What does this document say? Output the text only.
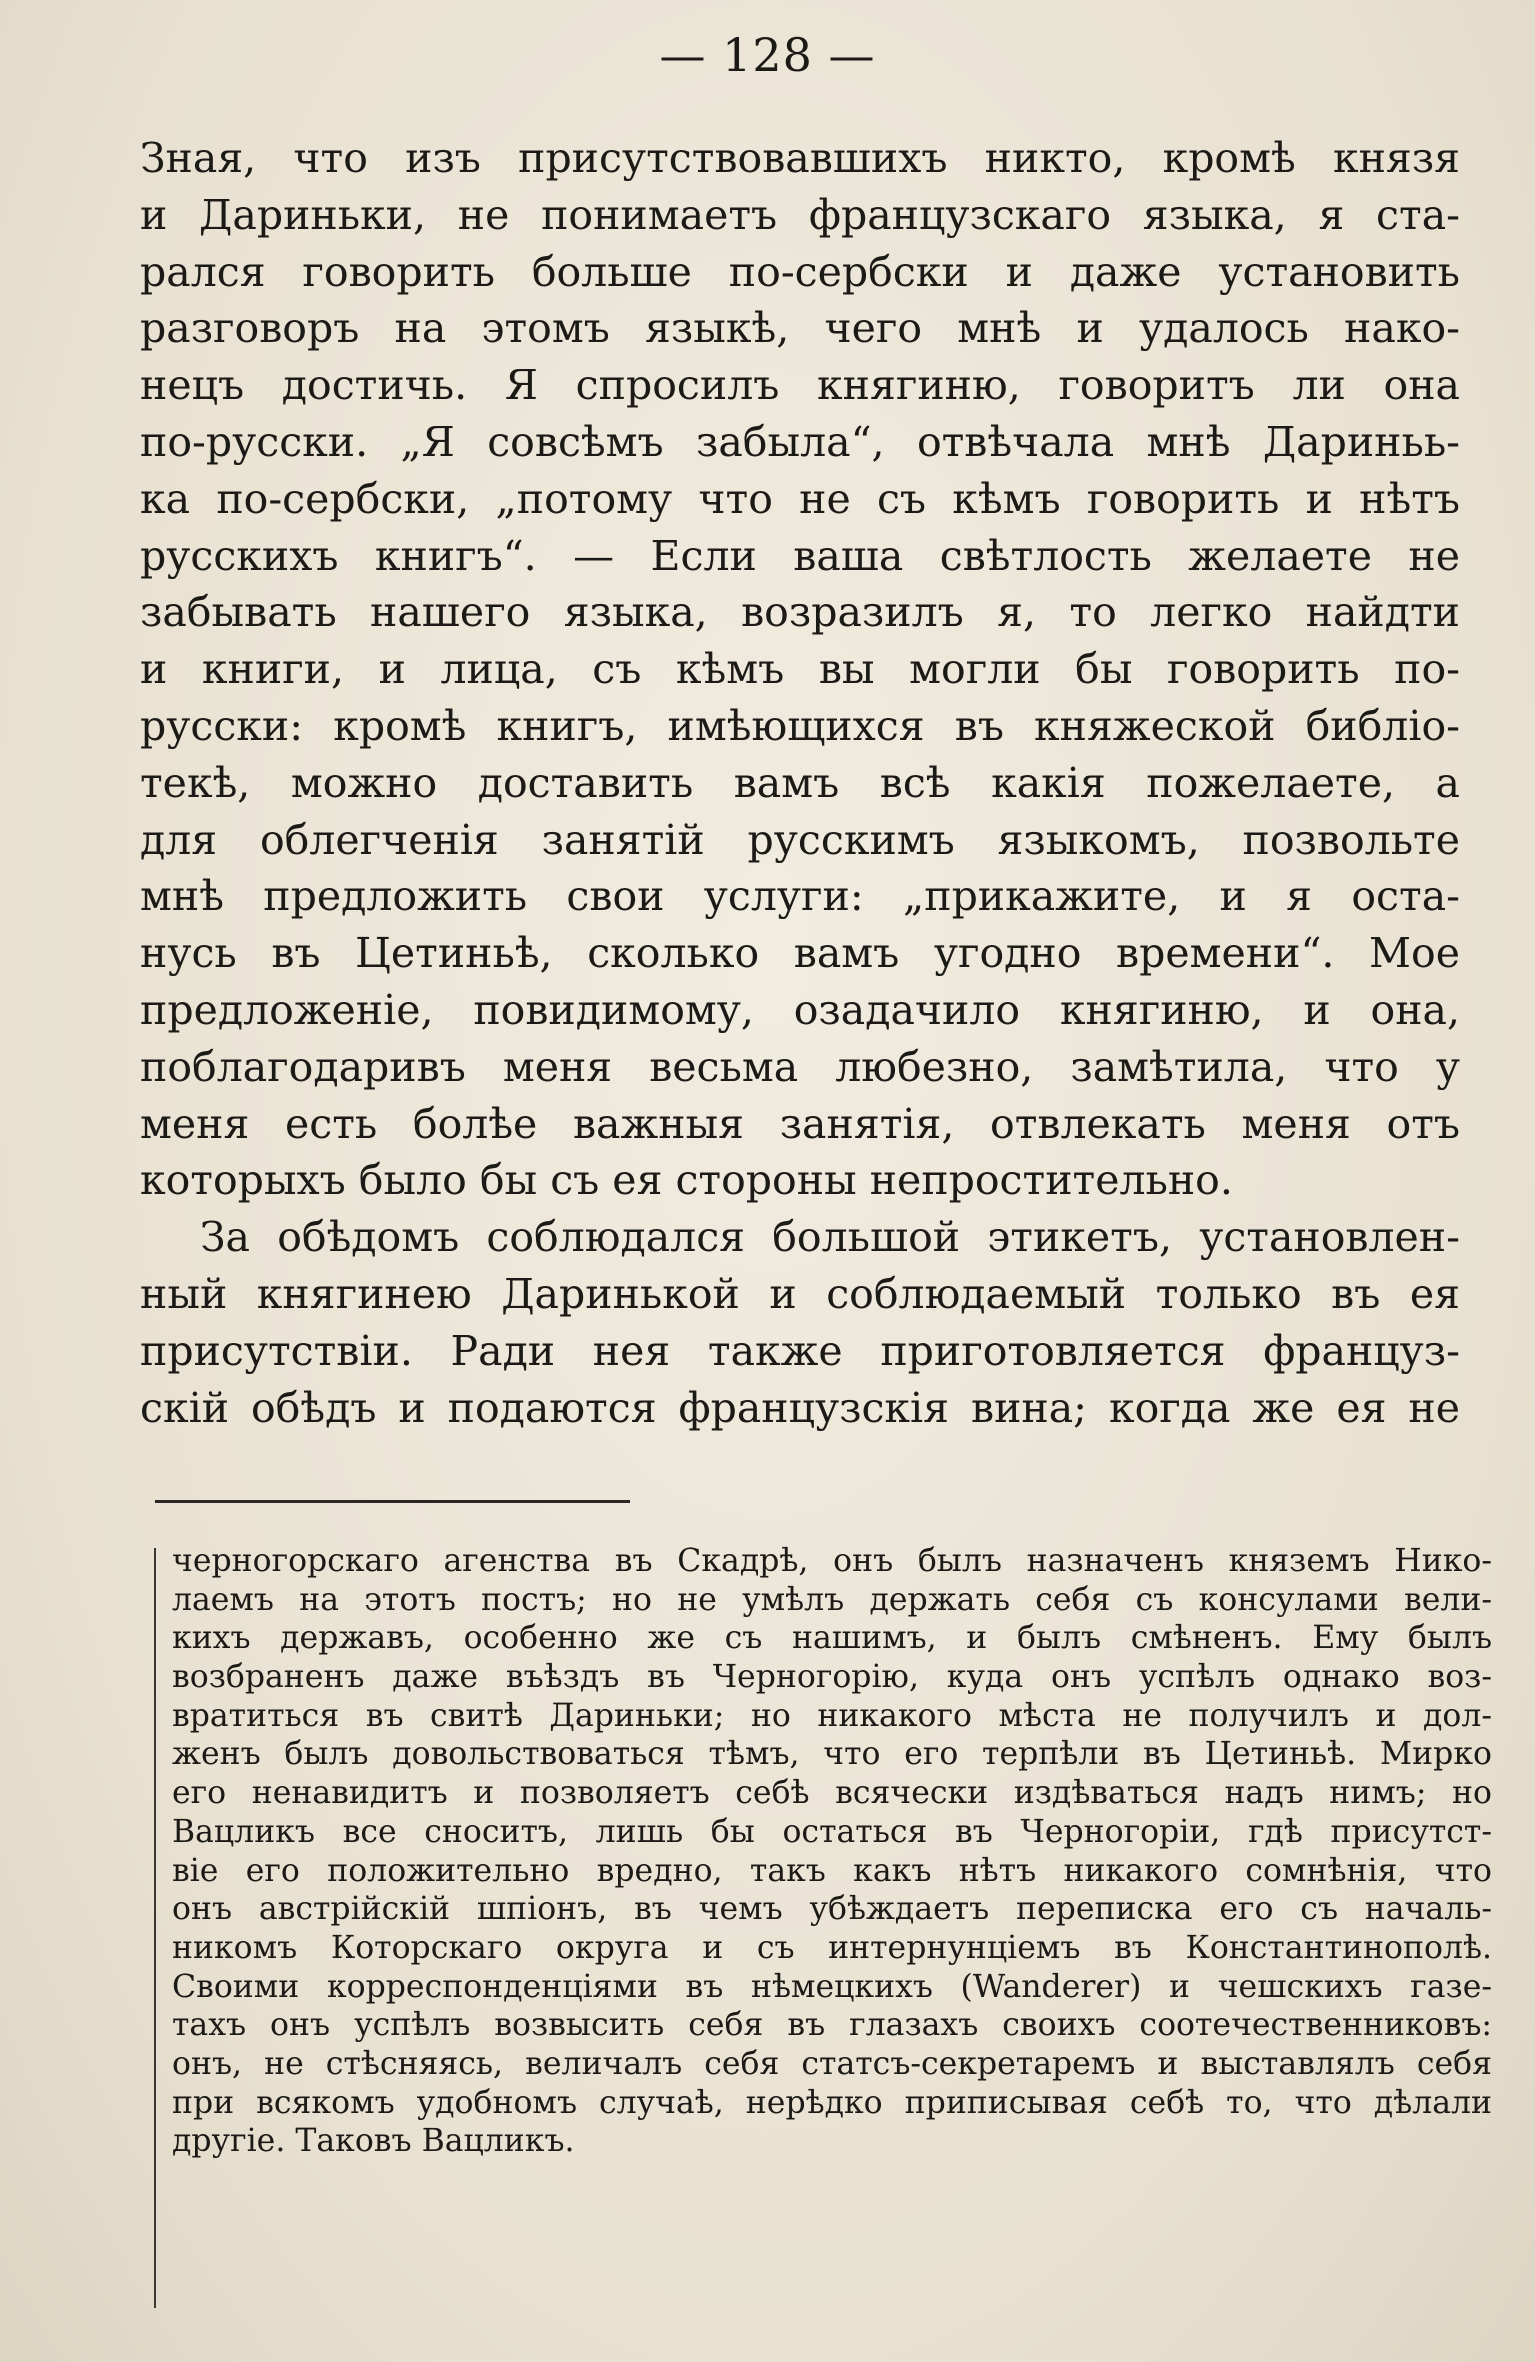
— 128 —
Зная, что изъ присутствовавшихъ никто, кромѣ князя
и Дариньки, не понимаетъ французскаго языка, я ста-
рался говорить больше по-сербски и даже установить
разговоръ на этомъ языкѣ, чего мнѣ и удалось нако-
нецъ достичь. Я спросилъ княгиню, говоритъ ли она
по-русски. „Я совсѣмъ забыла“, отвѣчала мнѣ Дариньь-
ка по-сербски, „потому что не съ кѣмъ говорить и нѣтъ
русскихъ книгъ“. — Если ваша свѣтлость желаете не
забывать нашего языка, возразилъ я, то легко найдти
и книги, и лица, съ кѣмъ вы могли бы говорить по-
русски: кромѣ книгъ, имѣющихся въ княжеской библіо-
текѣ, можно доставить вамъ всѣ какія пожелаете, а
для облегченія занятій русскимъ языкомъ, позвольте
мнѣ предложить свои услуги: „прикажите, и я оста-
нусь въ Цетиньѣ, сколько вамъ угодно времени“. Мое
предложеніе, повидимому, озадачило княгиню, и она,
поблагодаривъ меня весьма любезно, замѣтила, что у
меня есть болѣе важныя занятія, отвлекать меня отъ
которыхъ было бы съ ея стороны непростительно.
За обѣдомъ соблюдался большой этикетъ, установлен-
ный княгинею Даринькой и соблюдаемый только въ ея
присутствіи. Ради нея также приготовляется француз-
скій обѣдъ и подаются французскія вина; когда же ея не
черногорскаго агенства въ Скадрѣ, онъ былъ назначенъ княземъ Нико-
лаемъ на этотъ постъ; но не умѣлъ держать себя съ консулами вели-
кихъ державъ, особенно же съ нашимъ, и былъ смѣненъ. Ему былъ
возбраненъ даже въѣздъ въ Черногорію, куда онъ успѣлъ однако воз-
вратиться въ свитѣ Дариньки; но никакого мѣста не получилъ и дол-
женъ былъ довольствоваться тѣмъ, что его терпѣли въ Цетиньѣ. Мирко
его ненавидитъ и позволяетъ себѣ всячески издѣваться надъ нимъ; но
Вацликъ все сноситъ, лишь бы остаться въ Черногоріи, гдѣ присутст-
віе его положительно вредно, такъ какъ нѣтъ никакого сомнѣнія, что
онъ австрійскій шпіонъ, въ чемъ убѣждаетъ переписка его съ началь-
никомъ Которскаго округа и съ интернунціемъ въ Константинополѣ.
Своими корреспонденціями въ нѣмецкихъ (Wanderer) и чешскихъ газе-
тахъ онъ успѣлъ возвысить себя въ глазахъ своихъ соотечественниковъ:
онъ, не стѣсняясь, величалъ себя статсъ-секретаремъ и выставлялъ себя
при всякомъ удобномъ случаѣ, нерѣдко приписывая себѣ то, что дѣлали
другіе. Таковъ Вацликъ.
